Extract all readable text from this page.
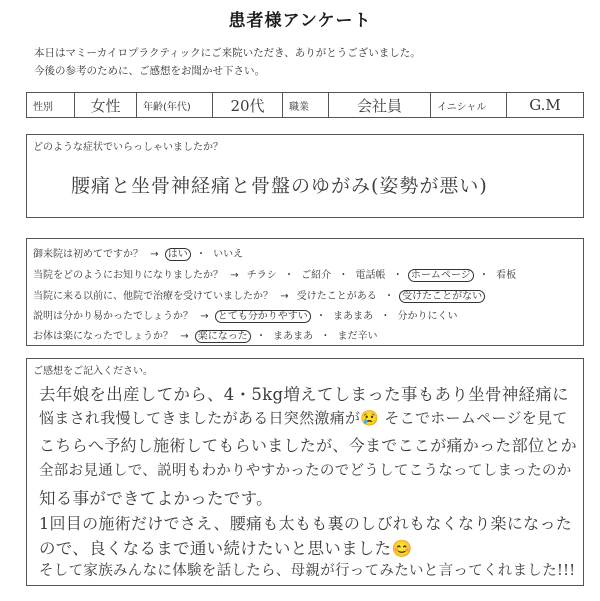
患者様アンケート
本日はマミーカイロプラクティックにご来院いただき、ありがとうございました。
今後の参考のために、ご感想をお聞かせ下さい。
性別	女性	年齢(年代)	20代	職業	会社員	イニシャル	G.M
どのような症状でいらっしゃいましたか？
腰痛と坐骨神経痛と骨盤のゆがみ(姿勢が悪い)
御来院は初めてですか？ → はい ・ いいえ
当院をどのようにお知りになりましたか？ → チラシ ・ ご紹介 ・ 電話帳 ・ ホームページ ・ 看板
当院に来る以前に、他院で治療を受けていましたか？ → 受けたことがある ・ 受けたことがない
説明は分かり易かったでしょうか？ → とても分かりやすい ・ まあまあ ・ 分かりにくい
お体は楽になったでしょうか？ → 楽になった ・ まあまあ ・ まだ辛い
ご感想をご記入ください。
去年娘を出産してから、4・5kg増えてしまった事もあり坐骨神経痛に
悩まされ我慢してきましたがある日突然激痛が😢 そこでホームページを見て
こちらへ予約し施術してもらいましたが、今までここが痛かった部位とか
全部お見通しで、説明もわかりやすかったのでどうしてこうなってしまったのか
知る事ができてよかったです。
1回目の施術だけでさえ、腰痛も太もも裏のしびれもなくなり楽になった
ので、良くなるまで通い続けたいと思いました😊
そして家族みんなに体験を話したら、母親が行ってみたいと言ってくれました!!!
